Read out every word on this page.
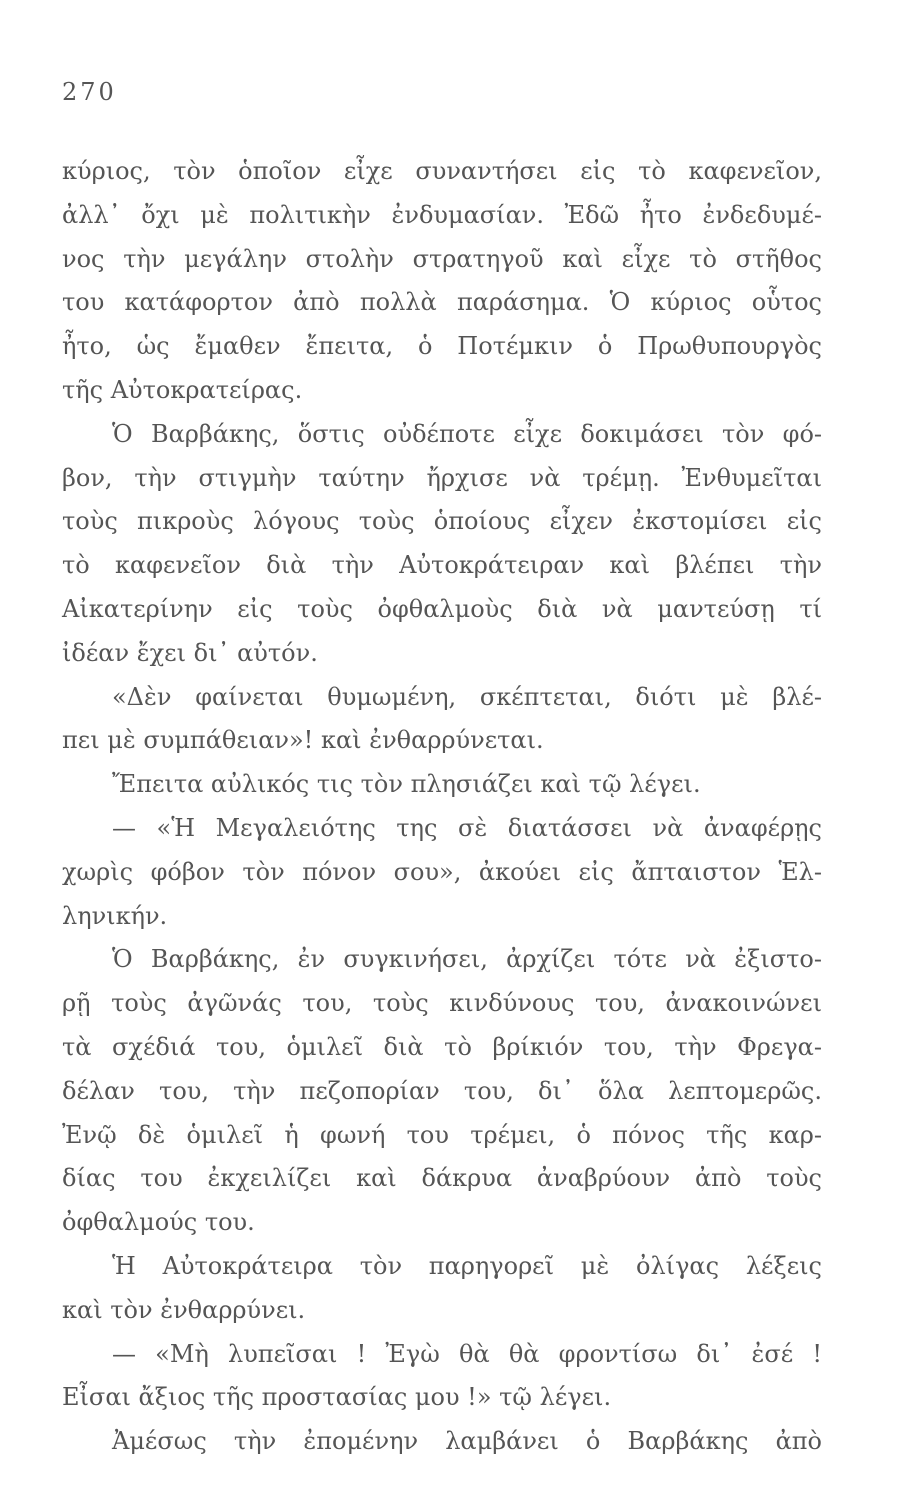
270
κύριος, τὸν ὁποῖον εἶχε συναντήσει εἰς τὸ καφενεῖον,
ἀλλ᾽ ὄχι μὲ πολιτικὴν ἐνδυμασίαν. Ἐδῶ ἦτο ἐνδεδυμέ-
νος τὴν μεγάλην στολὴν στρατηγοῦ καὶ εἶχε τὸ στῆθος
του κατάφορτον ἀπὸ πολλὰ παράσημα. Ὁ κύριος οὗτος
ἦτο, ὡς ἔμαθεν ἔπειτα, ὁ Ποτέμκιν ὁ Πρωθυπουργὸς
τῆς Αὐτοκρατείρας.
Ὁ Βαρβάκης, ὅστις οὐδέποτε εἶχε δοκιμάσει τὸν φό-
βον, τὴν στιγμὴν ταύτην ἤρχισε νὰ τρέμῃ. Ἐνθυμεῖται
τοὺς πικροὺς λόγους τοὺς ὁποίους εἶχεν ἐκστομίσει εἰς
τὸ καφενεῖον διὰ τὴν Αὐτοκράτειραν καὶ βλέπει τὴν
Αἰκατερίνην εἰς τοὺς ὀφθαλμοὺς διὰ νὰ μαντεύσῃ τί
ἰδέαν ἔχει δι᾽ αὐτόν.
«Δὲν φαίνεται θυμωμένη, σκέπτεται, διότι μὲ βλέ-
πει μὲ συμπάθειαν»! καὶ ἐνθαρρύνεται.
Ἔπειτα αὐλικός τις τὸν πλησιάζει καὶ τῷ λέγει.
— «Ἡ Μεγαλειότης της σὲ διατάσσει νὰ ἀναφέρῃς
χωρὶς φόβον τὸν πόνον σου», ἀκούει εἰς ἄπταιστον Ἑλ-
ληνικήν.
Ὁ Βαρβάκης, ἐν συγκινήσει, ἀρχίζει τότε νὰ ἐξιστο-
ρῇ τοὺς ἀγῶνάς του, τοὺς κινδύνους του, ἀνακοινώνει
τὰ σχέδιά του, ὁμιλεῖ διὰ τὸ βρίκιόν του, τὴν Φρεγα-
δέλαν του, τὴν πεζοπορίαν του, δι᾽ ὅλα λεπτομερῶς.
Ἐνῷ δὲ ὁμιλεῖ ἡ φωνή του τρέμει, ὁ πόνος τῆς καρ-
δίας του ἐκχειλίζει καὶ δάκρυα ἀναβρύουν ἀπὸ τοὺς
ὀφθαλμούς του.
Ἡ Αὐτοκράτειρα τὸν παρηγορεῖ μὲ ὀλίγας λέξεις
καὶ τὸν ἐνθαρρύνει.
— «Μὴ λυπεῖσαι ! Ἐγὼ θὰ θὰ φροντίσω δι᾽ ἐσέ !
Εἶσαι ἄξιος τῆς προστασίας μου !» τῷ λέγει.
Ἀμέσως τὴν ἐπομένην λαμβάνει ὁ Βαρβάκης ἀπὸ
